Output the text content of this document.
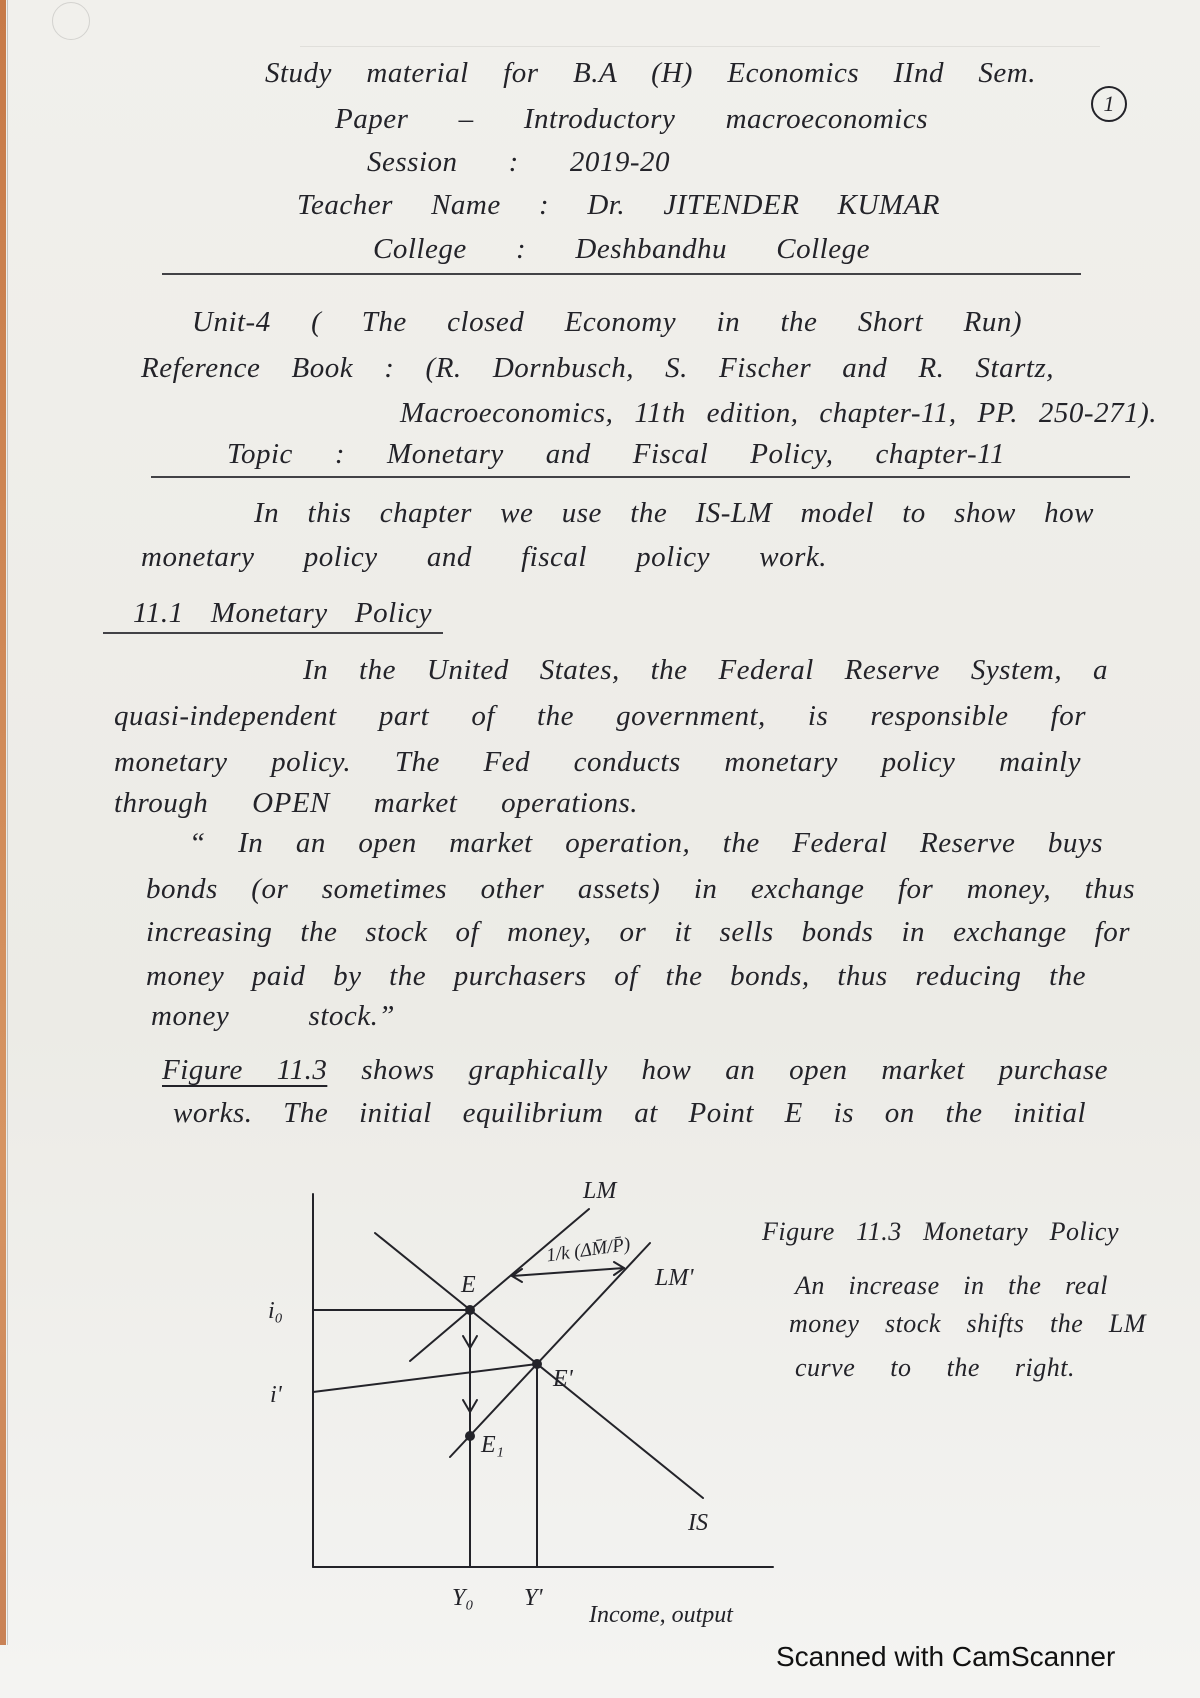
Study material for B.A (H) Economics IInd Sem.
1
Paper – Introductory macroeconomics
Session : 2019-20
Teacher Name : Dr. JITENDER KUMAR
College : Deshbandhu College
Unit-4 ( The closed Economy in the Short Run)
Reference Book : (R. Dornbusch, S. Fischer and R. Startz,
Macroeconomics, 11th edition, chapter-11, PP. 250-271).
Topic : Monetary and Fiscal Policy, chapter-11
In this chapter we use the IS-LM model to show how
monetary policy and fiscal policy work.
11.1 Monetary Policy
In the United States, the Federal Reserve System, a
quasi-independent part of the government, is responsible for
monetary policy. The Fed conducts monetary policy mainly
through OPEN market operations.
“ In an open market operation, the Federal Reserve buys
bonds (or sometimes other assets) in exchange for money, thus
increasing the stock of money, or it sells bonds in exchange for
money paid by the purchasers of the bonds, thus reducing the
money stock.”
Figure 11.3 shows graphically how an open market purchase
works. The initial equilibrium at Point E is on the initial
LM
LM'
IS
1/k (ΔM̄/P̄)
E
E'
E₁
i₀
i'
Y₀ Y'
Income, output
Figure 11.3 Monetary Policy
An increase in the real
money stock shifts the LM
curve to the right.
Scanned with CamScanner
